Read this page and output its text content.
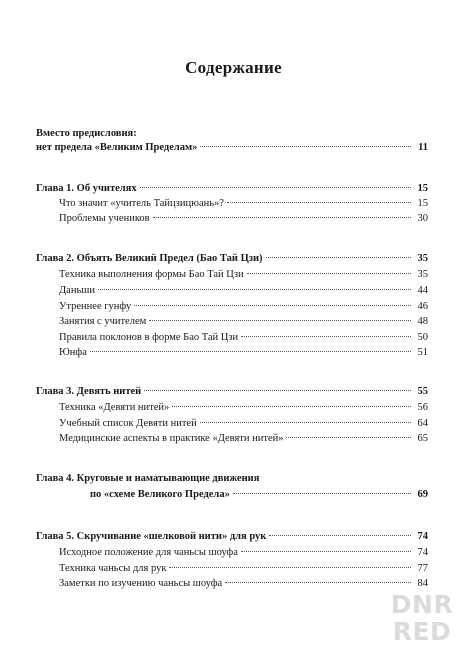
Содержание
Вместо предисловия:
нет предела «Великим Пределам»	11
Глава 1. Об учителях	15
Что значит «учитель Тайцзицюань»?	15
Проблемы учеников	30
Глава 2. Объять Великий Предел (Бао Тай Цзи)	35
Техника выполнения формы Бао Тай Цзи	35
Даньши	44
Утреннее гунфу	46
Занятия с учителем	48
Правила поклонов в форме Бао Тай Цзи	50
Юнфа	51
Глава 3. Девять нитей	55
Техника «Девяти нитей»	56
Учебный список Девяти нитей	64
Медицинские аспекты в практике «Девяти нитей»	65
Глава 4. Круговые и наматывающие движения
по «схеме Великого Предела»	69
Глава 5. Скручивание «шелковой нити» для рук	74
Исходное положение для чаньсы шоуфа	74
Техника чаньсы для рук	77
Заметки по изучению чаньсы шоуфа	84
DNR
RED
